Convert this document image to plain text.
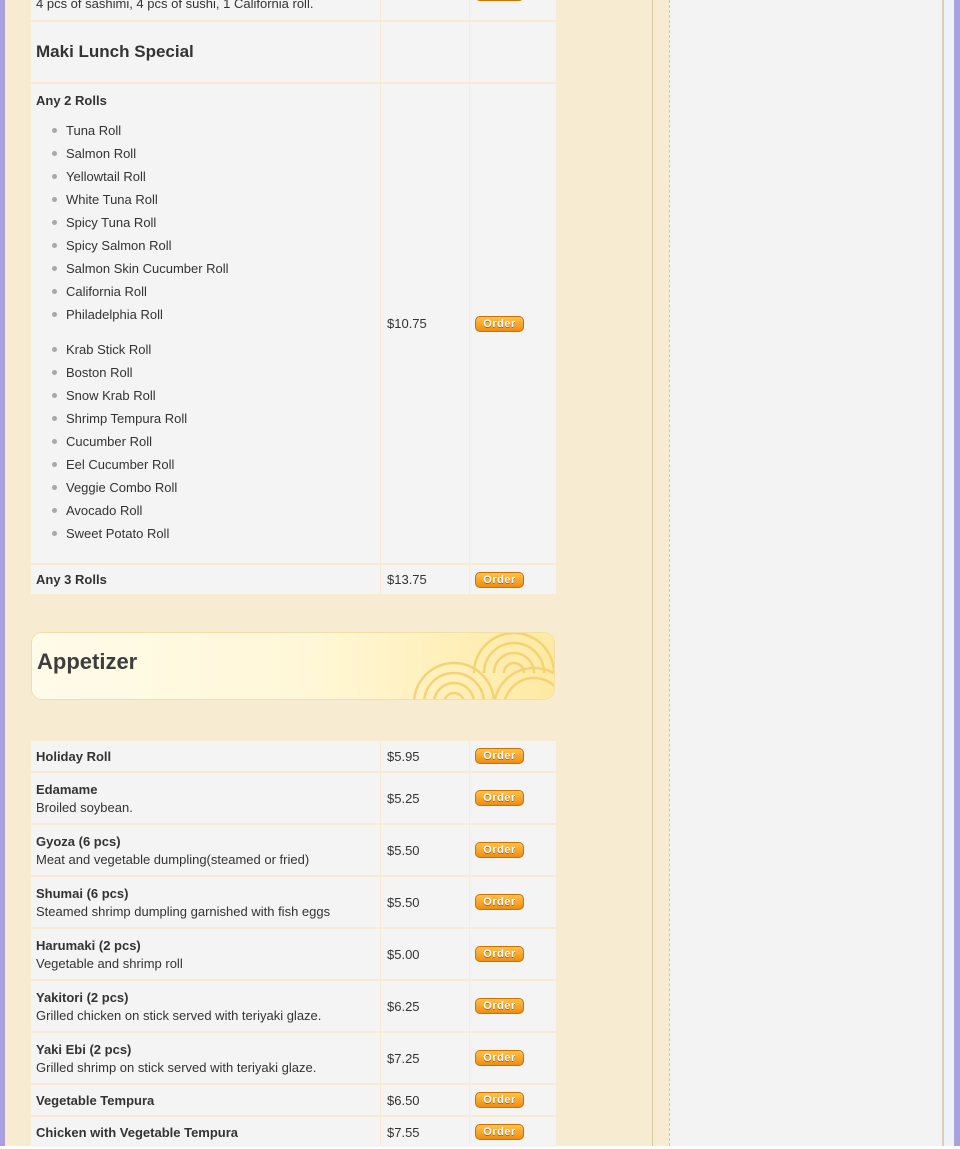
4 pcs of sashimi, 4 pcs of sushi, 1 California roll.
Maki Lunch Special
Any 2 Rolls
Tuna Roll
Salmon Roll
Yellowtail Roll
White Tuna Roll
Spicy Tuna Roll
Spicy Salmon Roll
Salmon Skin Cucumber Roll
California Roll
Philadelphia Roll
Krab Stick Roll
Boston Roll
Snow Krab Roll
Shrimp Tempura Roll
Cucumber Roll
Eel Cucumber Roll
Veggie Combo Roll
Avocado Roll
Sweet Potato Roll
$10.75	Order
Any 3 Rolls	$13.75	Order
Appetizer
Holiday Roll	$5.95	Order
Edamame
Broiled soybean.
$5.25	Order
Gyoza (6 pcs)
Meat and vegetable dumpling(steamed or fried)
$5.50	Order
Shumai (6 pcs)
Steamed shrimp dumpling garnished with fish eggs
$5.50	Order
Harumaki (2 pcs)
Vegetable and shrimp roll
$5.00	Order
Yakitori (2 pcs)
Grilled chicken on stick served with teriyaki glaze.
$6.25	Order
Yaki Ebi (2 pcs)
Grilled shrimp on stick served with teriyaki glaze.
$7.25	Order
Vegetable Tempura	$6.50	Order
Chicken with Vegetable Tempura	$7.55	Order
